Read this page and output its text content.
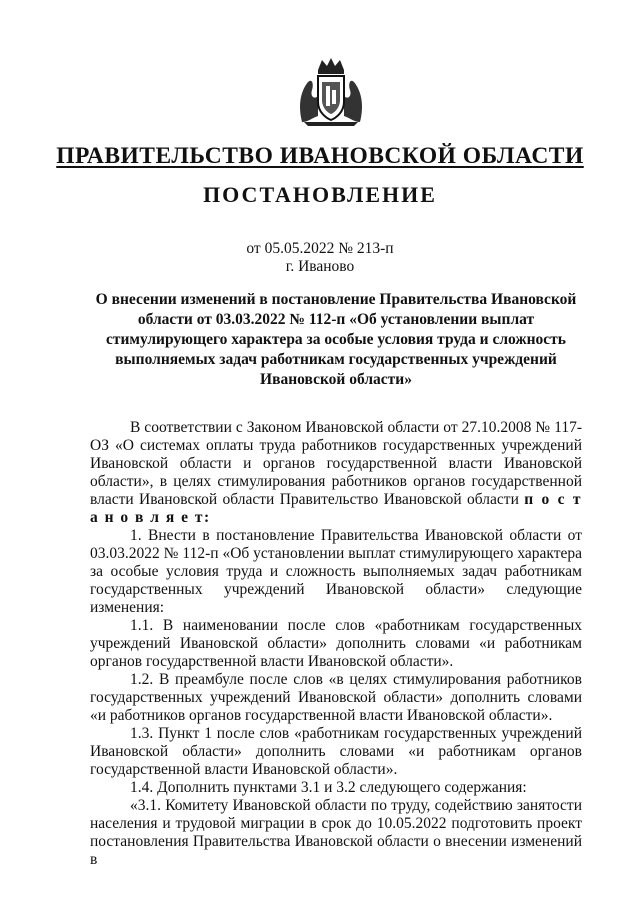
ПРАВИТЕЛЬСТВО ИВАНОВСКОЙ ОБЛАСТИ
ПОСТАНОВЛЕНИЕ
от 05.05.2022 № 213-п
г. Иваново
О внесении изменений в постановление Правительства Ивановской области от 03.03.2022 № 112-п «Об установлении выплат стимулирующего характера за особые условия труда и сложность выполняемых задач работникам государственных учреждений Ивановской области»

В соответствии с Законом Ивановской области от 27.10.2008 № 117-ОЗ «О системах оплаты труда работников государственных учреждений Ивановской области и органов государственной власти Ивановской области», в целях стимулирования работников органов государственной власти Ивановской области Правительство Ивановской области п о с т а н о в л я е т:

1. Внести в постановление Правительства Ивановской области от 03.03.2022 № 112-п «Об установлении выплат стимулирующего характера за особые условия труда и сложность выполняемых задач работникам государственных учреждений Ивановской области» следующие изменения:

1.1. В наименовании после слов «работникам государственных учреждений Ивановской области» дополнить словами «и работникам органов государственной власти Ивановской области».

1.2. В преамбуле после слов «в целях стимулирования работников государственных учреждений Ивановской области» дополнить словами «и работников органов государственной власти Ивановской области».

1.3. Пункт 1 после слов «работникам государственных учреждений Ивановской области» дополнить словами «и работникам органов государственной власти Ивановской области».

1.4. Дополнить пунктами 3.1 и 3.2 следующего содержания:

«3.1. Комитету Ивановской области по труду, содействию занятости населения и трудовой миграции в срок до 10.05.2022 подготовить проект постановления Правительства Ивановской области о внесении изменений в
